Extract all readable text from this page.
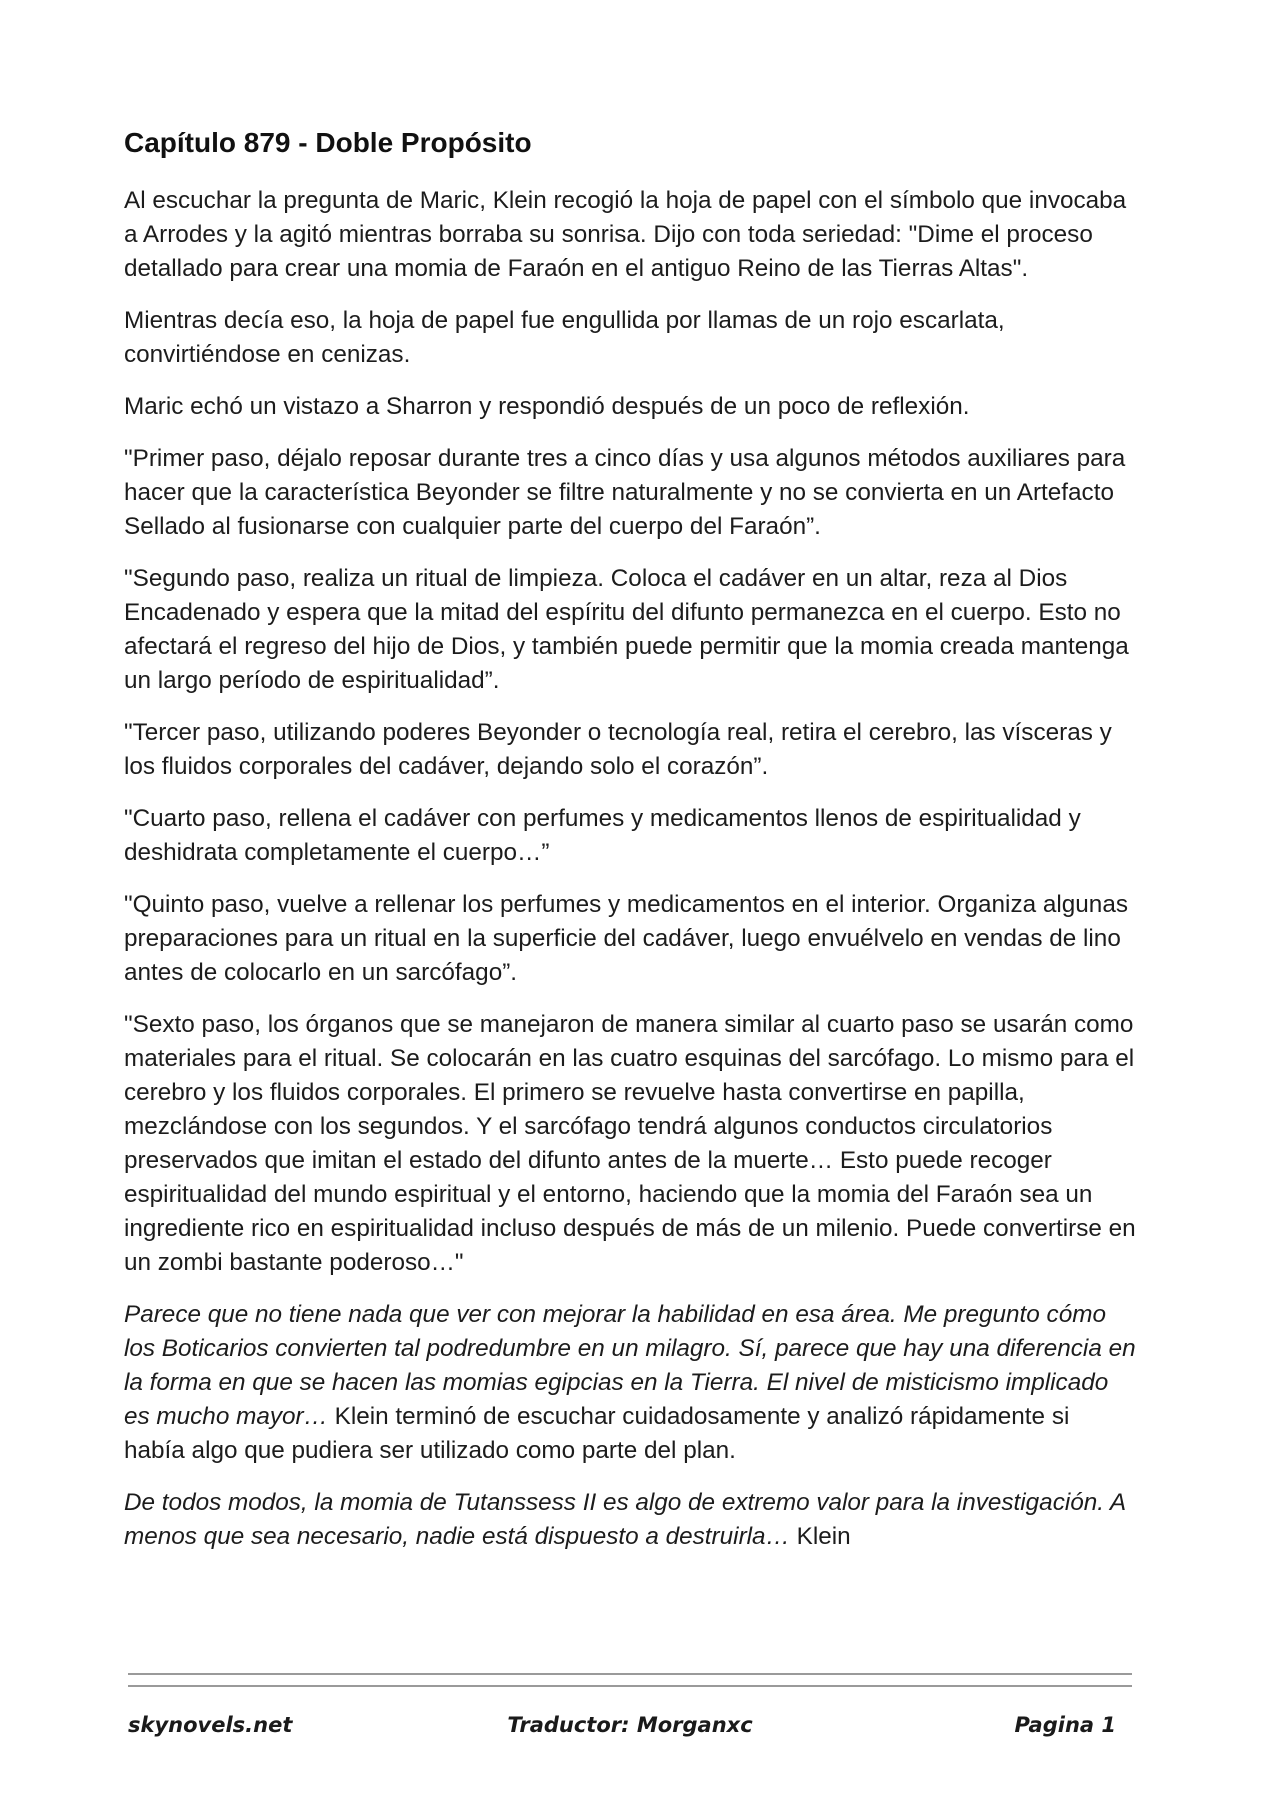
Capítulo 879 - Doble Propósito

Al escuchar la pregunta de Maric, Klein recogió la hoja de papel con el símbolo que invocaba a Arrodes y la agitó mientras borraba su sonrisa. Dijo con toda seriedad: "Dime el proceso detallado para crear una momia de Faraón en el antiguo Reino de las Tierras Altas".

Mientras decía eso, la hoja de papel fue engullida por llamas de un rojo escarlata, convirtiéndose en cenizas.

Maric echó un vistazo a Sharron y respondió después de un poco de reflexión.

"Primer paso, déjalo reposar durante tres a cinco días y usa algunos métodos auxiliares para hacer que la característica Beyonder se filtre naturalmente y no se convierta en un Artefacto Sellado al fusionarse con cualquier parte del cuerpo del Faraón”.

"Segundo paso, realiza un ritual de limpieza. Coloca el cadáver en un altar, reza al Dios Encadenado y espera que la mitad del espíritu del difunto permanezca en el cuerpo. Esto no afectará el regreso del hijo de Dios, y también puede permitir que la momia creada mantenga un largo período de espiritualidad”.

"Tercer paso, utilizando poderes Beyonder o tecnología real, retira el cerebro, las vísceras y los fluidos corporales del cadáver, dejando solo el corazón”.

"Cuarto paso, rellena el cadáver con perfumes y medicamentos llenos de espiritualidad y deshidrata completamente el cuerpo…”

"Quinto paso, vuelve a rellenar los perfumes y medicamentos en el interior. Organiza algunas preparaciones para un ritual en la superficie del cadáver, luego envuélvelo en vendas de lino antes de colocarlo en un sarcófago”.

"Sexto paso, los órganos que se manejaron de manera similar al cuarto paso se usarán como materiales para el ritual. Se colocarán en las cuatro esquinas del sarcófago. Lo mismo para el cerebro y los fluidos corporales. El primero se revuelve hasta convertirse en papilla, mezclándose con los segundos. Y el sarcófago tendrá algunos conductos circulatorios preservados que imitan el estado del difunto antes de la muerte… Esto puede recoger espiritualidad del mundo espiritual y el entorno, haciendo que la momia del Faraón sea un ingrediente rico en espiritualidad incluso después de más de un milenio. Puede convertirse en un zombi bastante poderoso…"

Parece que no tiene nada que ver con mejorar la habilidad en esa área. Me pregunto cómo los Boticarios convierten tal podredumbre en un milagro. Sí, parece que hay una diferencia en la forma en que se hacen las momias egipcias en la Tierra. El nivel de misticismo implicado es mucho mayor… Klein terminó de escuchar cuidadosamente y analizó rápidamente si había algo que pudiera ser utilizado como parte del plan.

De todos modos, la momia de Tutanssess II es algo de extremo valor para la investigación. A menos que sea necesario, nadie está dispuesto a destruirla… Klein

skynovels.net	Traductor: Morganxc	Pagina 1
